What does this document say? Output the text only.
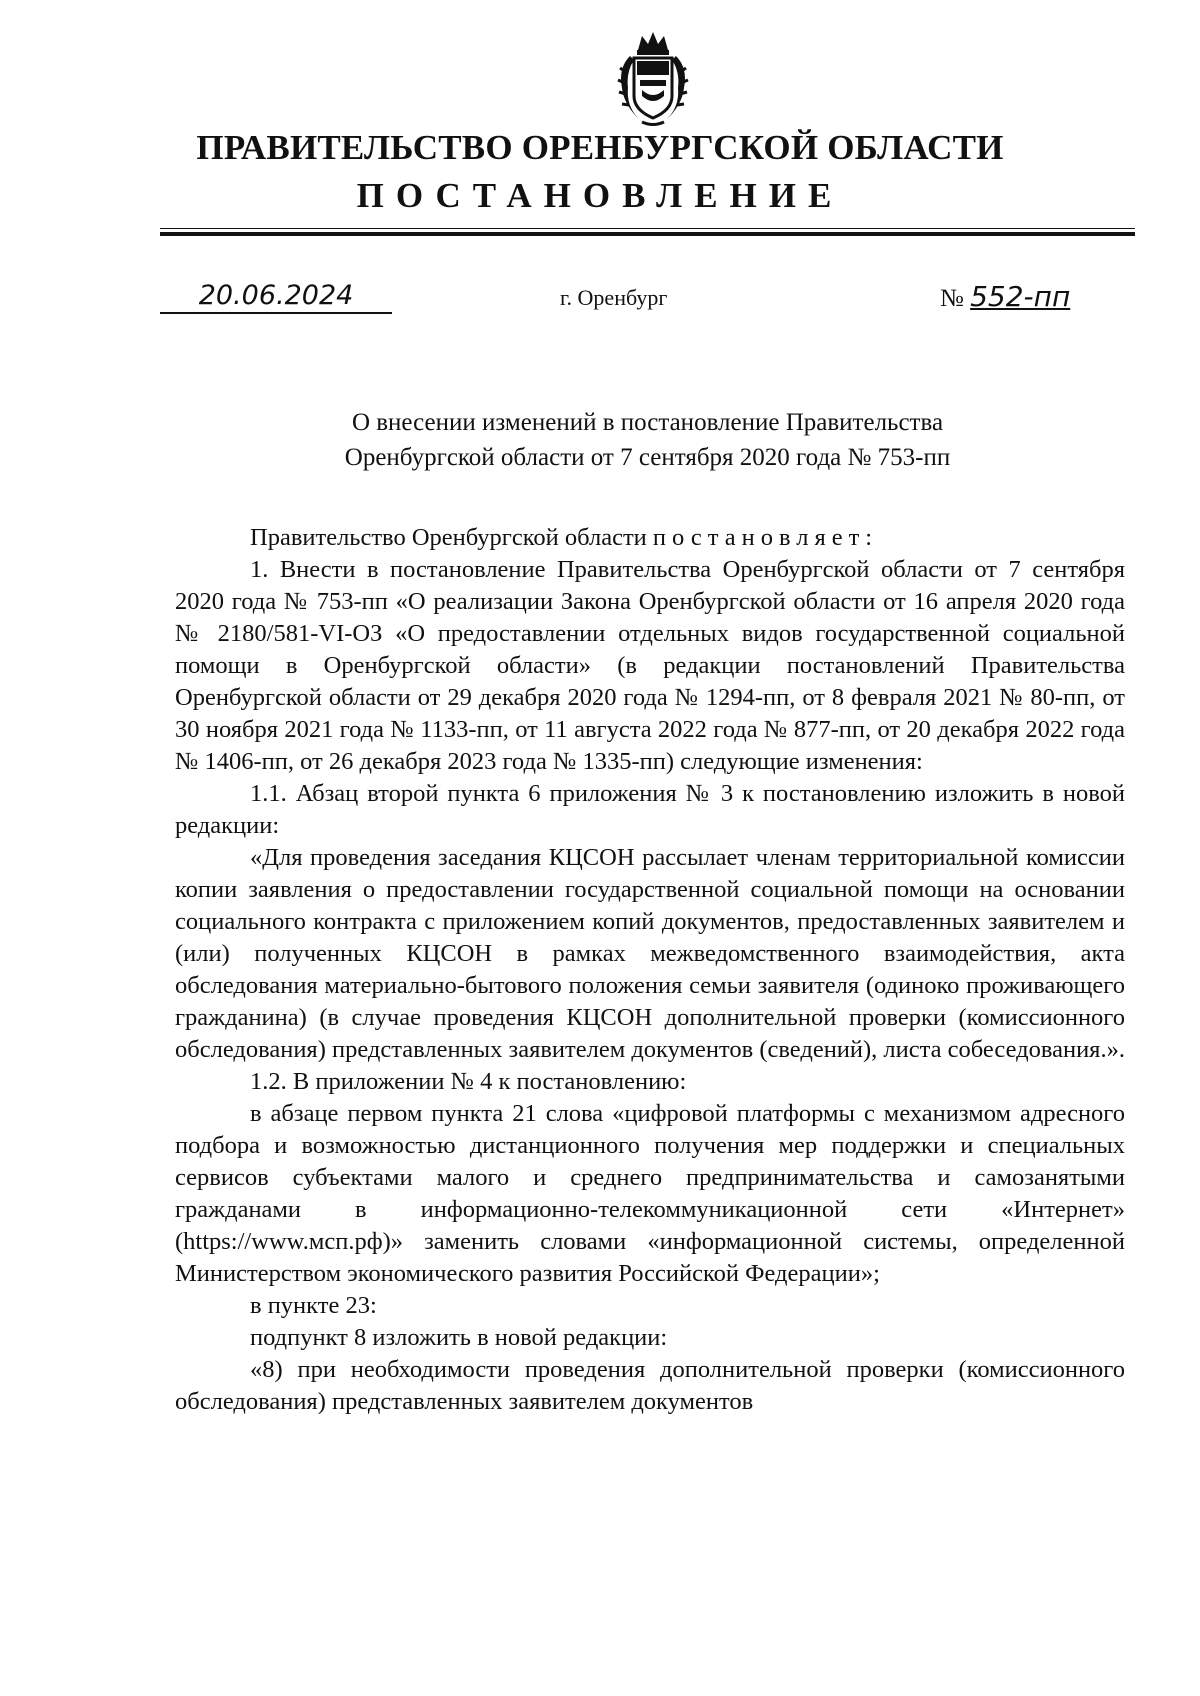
ПРАВИТЕЛЬСТВО ОРЕНБУРГСКОЙ ОБЛАСТИ
ПОСТАНОВЛЕНИЕ
20.06.2024	г. Оренбург	№ 552-пп
О внесении изменений в постановление Правительства
Оренбургской области от 7 сентября 2020 года № 753-пп

Правительство Оренбургской области постановляет:

1. Внести в постановление Правительства Оренбургской области от 7 сентября 2020 года № 753-пп «О реализации Закона Оренбургской области от 16 апреля 2020 года № 2180/581-VI-ОЗ «О предоставлении отдельных видов государственной социальной помощи в Оренбургской области» (в редакции постановлений Правительства Оренбургской области от 29 декабря 2020 года № 1294-пп, от 8 февраля 2021 № 80-пп, от 30 ноября 2021 года № 1133-пп, от 11 августа 2022 года № 877-пп, от 20 декабря 2022 года № 1406-пп, от 26 декабря 2023 года № 1335-пп) следующие изменения:

1.1. Абзац второй пункта 6 приложения № 3 к постановлению изложить в новой редакции:

«Для проведения заседания КЦСОН рассылает членам территориальной комиссии копии заявления о предоставлении государственной социальной помощи на основании социального контракта с приложением копий документов, предоставленных заявителем и (или) полученных КЦСОН в рамках межведомственного взаимодействия, акта обследования материально-бытового положения семьи заявителя (одиноко проживающего гражданина) (в случае проведения КЦСОН дополнительной проверки (комиссионного обследования) представленных заявителем документов (сведений), листа собеседования.».

1.2. В приложении № 4 к постановлению:

в абзаце первом пункта 21 слова «цифровой платформы с механизмом адресного подбора и возможностью дистанционного получения мер поддержки и специальных сервисов субъектами малого и среднего предпринимательства и самозанятыми гражданами в информационно-телекоммуникационной сети «Интернет» (https://www.мсп.рф)» заменить словами «информационной системы, определенной Министерством экономического развития Российской Федерации»;

в пункте 23:

подпункт 8 изложить в новой редакции:

«8) при необходимости проведения дополнительной проверки (комиссионного обследования) представленных заявителем документов
